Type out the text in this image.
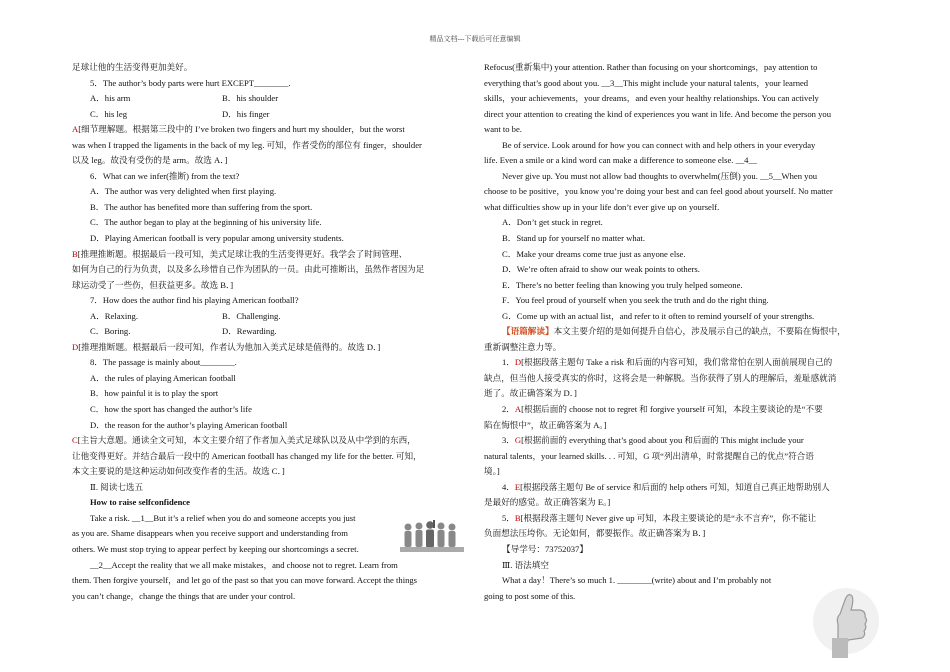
精品文档---下载后可任意编辑
足球让他的生活变得更加美好。
5．The author’s body parts were hurt EXCEPT________.
A．his arm	B．his shoulder
C．his leg	D．his finger
A[细节理解题。根据第三段中的 I’ve broken two fingers and hurt my shoulder，but the worst
was when I trapped the ligaments in the back of my leg. 可知，作者受伤的部位有 finger，shoulder
以及 leg。故没有受伤的是 arm。故选 A．]
6．What can we infer(推断) from the text?
A．The author was very delighted when first playing.
B．The author has benefited more than suffering from the sport.
C．The author began to play at the beginning of his university life.
D．Playing American football is very popular among university students.
B[推理推断题。根据最后一段可知，美式足球让我的生活变得更好。我学会了时间管理、
如何为自己的行为负责，以及多么珍惜自己作为团队的一员。由此可推断出，虽然作者因为足
球运动受了一些伤，但获益更多。故选 B．]
7．How does the author find his playing American football?
A．Relaxing.	B．Challenging.
C．Boring.	D．Rewarding.
D[推理推断题。根据最后一段可知，作者认为他加入美式足球是值得的。故选 D．]
8．The passage is mainly about________.
A．the rules of playing American football
B．how painful it is to play the sport
C．how the sport has changed the author’s life
D．the reason for the author’s playing American football
C[主旨大意题。通读全文可知，本文主要介绍了作者加入美式足球队以及从中学到的东西，
让他变得更好。并结合最后一段中的 American football has changed my life for the better. 可知，
本文主要说的是这种运动如何改变作者的生活。故选 C．]
Ⅱ. 阅读七选五
How to raise selfconfidence
Take a risk. __1__But it’s a relief when you do and someone accepts you just
as you are. Shame disappears when you receive support and understanding from
others. We must stop trying to appear perfect by keeping our shortcomings a secret.
__2__Accept the reality that we all make mistakes，and choose not to regret. Learn from
them. Then forgive yourself，and let go of the past so that you can move forward. Accept the things
you can’t change，change the things that are under your control.
Refocus(重新集中) your attention. Rather than focusing on your shortcomings，pay attention to
everything that’s good about you. __3__This might include your natural talents，your learned
skills，your achievements，your dreams，and even your healthy relationships. You can actively
direct your attention to creating the kind of experiences you want in life. And become the person you
want to be.
Be of service. Look around for how you can connect with and help others in your everyday
life. Even a smile or a kind word can make a difference to someone else. __4__
Never give up. You must not allow bad thoughts to overwhelm(压倒) you. __5__When you
choose to be positive，you know you’re doing your best and can feel good about yourself. No matter
what difficulties show up in your life don’t ever give up on yourself.
A．Don’t get stuck in regret.
B．Stand up for yourself no matter what.
C．Make your dreams come true just as anyone else.
D．We’re often afraid to show our weak points to others.
E．There’s no better feeling than knowing you truly helped someone.
F．You feel proud of yourself when you seek the truth and do the right thing.
G．Come up with an actual list，and refer to it often to remind yourself of your strengths.
【语篇解读】本文主要介绍的是如何提升自信心，涉及展示自己的缺点，不要陷在悔恨中，
重新调整注意力等。
1．D[根据段落主题句 Take a risk 和后面的内容可知，我们常常怕在别人面前展现自己的
缺点，但当他人接受真实的你时，这将会是一种解脱。当你获得了别人的理解后，羞耻感就消
逝了。故正确答案为 D．]
2．A[根据后面的 choose not to regret 和 forgive yourself 可知，本段主要谈论的是“不要
陷在悔恨中”，故正确答案为 A。]
3．G[根据前面的 everything that’s good about you 和后面的 This might include your
natural talents，your learned skills. . . 可知，G 项“列出清单，时常提醒自己的优点”符合语
境。]
4．E[根据段落主题句 Be of service 和后面的 help others 可知，知道自己真正地帮助别人
是最好的感觉。故正确答案为 E。]
5．B[根据段落主题句 Never give up 可知，本段主要谈论的是“永不言弃”，你不能让
负面想法压垮你。无论如何，都要振作。故正确答案为 B．]
【导学号：73752037】
Ⅲ. 语法填空
What a day！There’s so much 1. ________(write) about and I’m probably not
going to post some of this.
